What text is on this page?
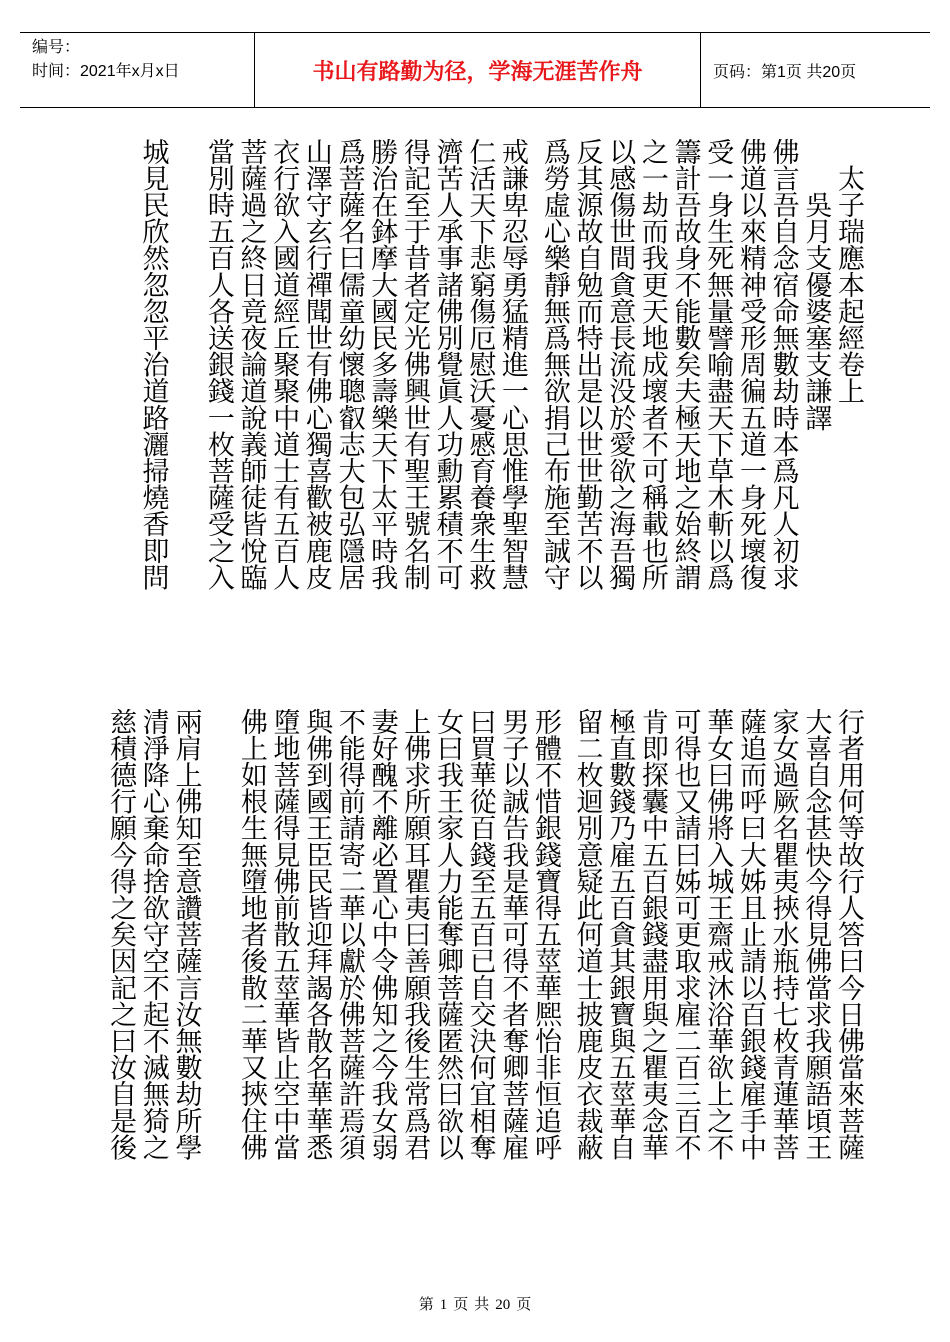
编号：
时间：2021年x月x日	书山有路勤为径，学海无涯苦作舟	页码：第1页 共20页
　太子瑞應本起經卷上
　　吳月支優婆塞支謙譯
佛言吾自念宿命無數劫時本爲凡人初求
佛道以來精神受形周徧五道一身死壞復
受一身生死無量譬喻盡天下草木斬以爲
籌計吾故身不能數矣夫極天地之始終謂
之一劫而我更天地成壞者不可稱載也所
以感傷世間貪意長流没於愛欲之海吾獨
反其源故自勉而特出是以世世勤苦不以
爲勞虛心樂靜無爲無欲捐己布施至誠守
戒謙卑忍辱勇猛精進一心思惟學聖智慧
仁活天下悲窮傷厄慰沃憂慼育養衆生救
濟苦人承事諸佛別覺眞人功勳累積不可
得記至于昔者定光佛興世有聖王號名制
勝治在鉢摩大國民多壽樂天下太平時我
爲菩薩名曰儒童幼懷聰叡志大包弘隱居
山澤守玄行禪聞世有佛心獨喜歡被鹿皮
衣行欲入國道經丘聚聚中道士有五百人
菩薩過之終日竟夜論道說義師徒皆悅臨
當別時五百人各送銀錢一枚菩薩受之入
城見民欣然忽忽平治道路灑掃燒香即問
行者用何等故行人答曰今日佛當來菩薩
大喜自念甚快今得見佛當求我願語頃王
家女過厥名瞿夷挾水瓶持七枚青蓮華菩
薩追而呼曰大姊且止請以百銀錢雇手中
華女曰佛將入城王齋戒沐浴華欲上之不
可得也又請曰姊可更取求雇二百三百不
肯即探囊中五百銀錢盡用與之瞿夷念華
極直數錢乃雇五百貪其銀寶與五莖華自
留二枚迴別意疑此何道士披鹿皮衣裁蔽
形體不惜銀錢寶得五莖華熈怡非恒追呼
男子以誠告我是華可得不者奪卿菩薩雇
曰買華從百錢至五百已自交決何宜相奪
女曰我王家人力能奪卿菩薩匿然曰欲以
上佛求所願耳瞿夷曰善願我後生常爲君
妻好醜不離必置心中令佛知之今我女弱
不能得前請寄二華以獻於佛菩薩許焉須
與佛到國王臣民皆迎拜謁各散名華華悉
墮地菩薩得見佛前散五莖華皆止空中當
佛上如根生無墮地者後散二華又挾住佛
兩肩上佛知至意讚菩薩言汝無數劫所學
清淨降心棄命捨欲守空不起不滅無猗之
慈積德行願今得之矣因記之曰汝自是後
第 1 页 共 20 页
